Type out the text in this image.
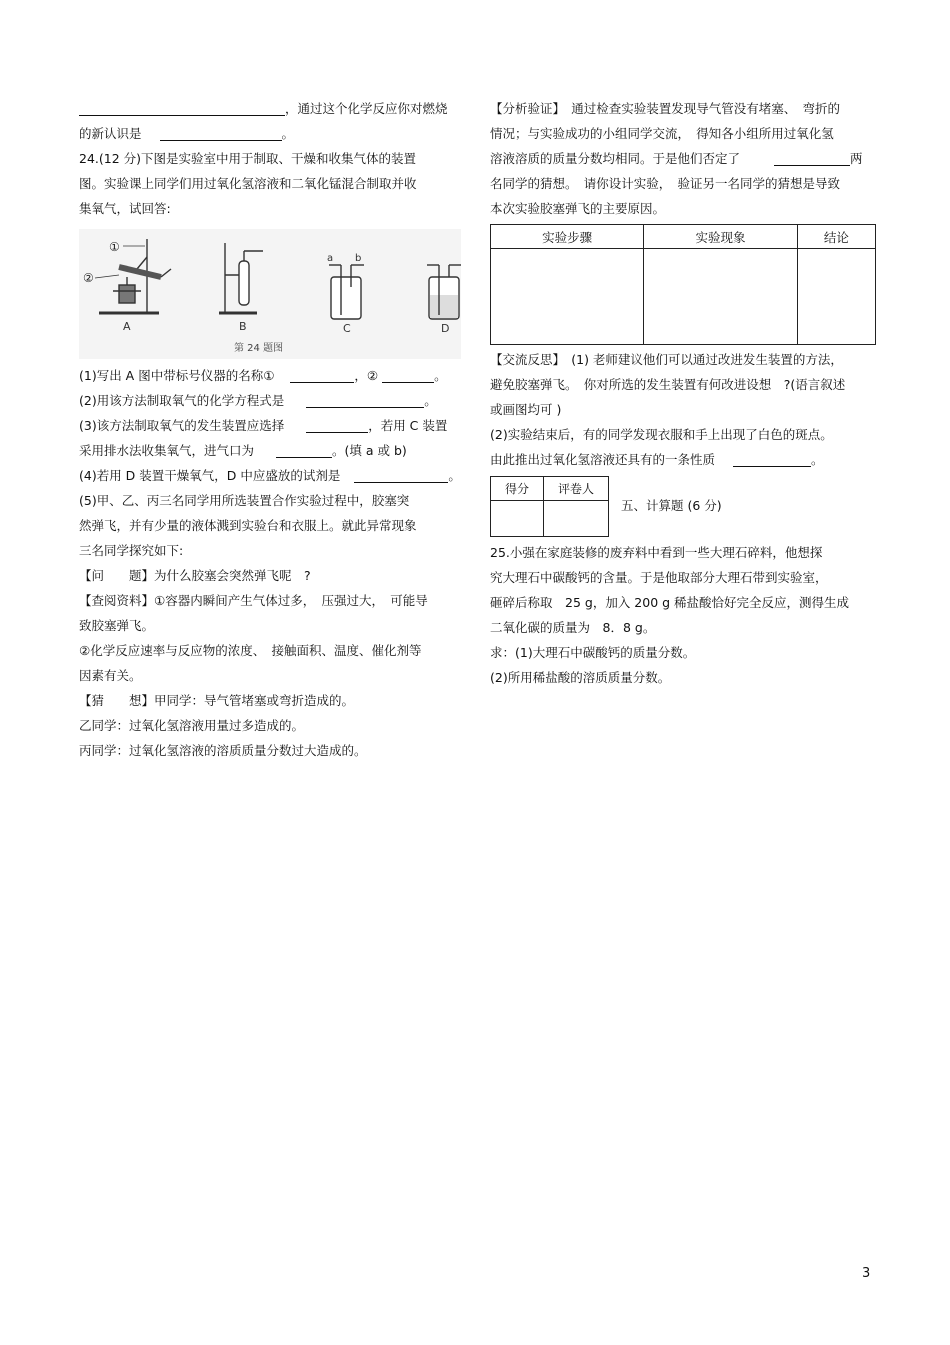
，通过这个化学反应你对燃烧
的新认识是	。
24.(12 分)下图是实验室中用于制取、干燥和收集气体的装置
图。实验课上同学们用过氧化氢溶液和二氧化锰混合制取并收
集氧气，试回答:
①
②
A	B
a b
C	D
第 24 题图
(1)写出 A 图中带标号仪器的名称①	，②	。
(2)用该方法制取氧气的化学方程式是	。
(3)该方法制取氧气的发生装置应选择	，若用 C 装置
采用排水法收集氧气，进气口为	。(填 a 或 b)
(4)若用 D 装置干燥氧气，D 中应盛放的试剂是	。
(5)甲、乙、丙三名同学用所选装置合作实验过程中，胶塞突
然弹飞，并有少量的液体溅到实验台和衣服上。就此异常现象
三名同学探究如下:
【问　　题】为什么胶塞会突然弹飞呢　?
【查阅资料】①容器内瞬间产生气体过多，　压强过大，　可能导
致胶塞弹飞。
②化学反应速率与反应物的浓度、　接触面积、温度、催化剂等
因素有关。
【猜　　想】甲同学：导气管堵塞或弯折造成的。
乙同学：过氧化氢溶液用量过多造成的。
丙同学：过氧化氢溶液的溶质质量分数过大造成的。
【分析验证】　通过检查实验装置发现导气管没有堵塞、　弯折的
情况；与实验成功的小组同学交流，　得知各小组所用过氧化氢
溶液溶质的质量分数均相同。于是他们否定了	两
名同学的猜想。　请你设计实验，　验证另一名同学的猜想是导致
本次实验胶塞弹飞的主要原因。
实验步骤	实验现象	结论

【交流反思】　(1) 老师建议他们可以通过改进发生装置的方法，
避免胶塞弹飞。　你对所选的发生装置有何改进设想　?(语言叙述
或画图均可 )
(2)实验结束后，有的同学发现衣服和手上出现了白色的斑点。
由此推出过氧化氢溶液还具有的一条性质	。
得分	评卷人

五、计算题 (6 分)
25.小强在家庭装修的废弃料中看到一些大理石碎料，他想探
究大理石中碳酸钙的含量。于是他取部分大理石带到实验室，
砸碎后称取　25 g，加入 200 g 稀盐酸恰好完全反应，测得生成
二氧化碳的质量为　8．8 g。
求：(1)大理石中碳酸钙的质量分数。
(2)所用稀盐酸的溶质质量分数。
3
